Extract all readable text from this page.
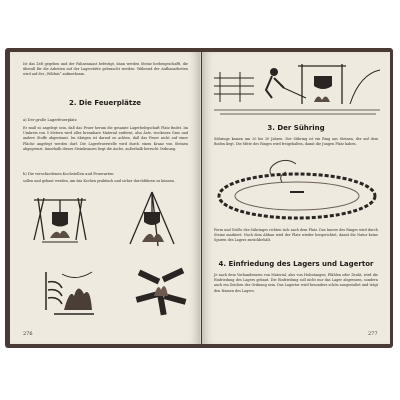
Ist das Zelt gegeben und der Fahnenmast befestigt, dann werden Steine herbeigeschafft, die überall für die Arbeiten auf der Lagerstätte gebraucht werden. Während der Aufbauarbeiten wird auf der „Wildnis“ aufmerksam.
2. Die Feuerplätze
a) Der große Lagerfeuerplatz
Er muß so angelegt sein, daß das Feuer herum die gesamte Lagerbelegschaft Platz findet. Im Umkreis von 5 Metern wird alles brennbare Material entfernt, also Äste, trockenes Gras und andere Stoffe abgeräumt. Im übrigen ist darauf zu achten, daß das Feuer nicht auf einer Fläche angelegt werden darf. Die Lagerfeuerstelle wird durch einen Kranz von Steinen abgegrenzt. Innerhalb dieses Steinkranzes liegt die Asche, außerhalb herrscht Ordnung.
b) Die verschiedenen Kochstellen und Feuerarten
sollen und gebaut werden, um das Kochen praktisch und sicher durchführen zu können.
276
3. Der Sühring
Sühringe kamen um 20 bis 30 Jahren. Der Sühring ist ein Ring aus Steinen, der auf dem Boden liegt. Die Mitte des Ringes wird freigehalten, damit die Jungen Platz haben.
Form und Größe des Sühringes richten sich nach dem Platz. Das Innere des Ringes wird durch Steine markiert. Nach dem Abbau wird der Platz wieder hergerichtet, damit die Natur keine Spuren des Lagers zurückbehält.
4. Einfriedung des Lagers und Lagertor
Je nach dem Vorhandensein von Material, also von Holzstangen, Pfählen oder Draht, wird die Einfriedung des Lagers gebaut. Die Einfriedung soll nicht nur das Lager abgrenzen, sondern auch ein Zeichen der Ordnung sein. Das Lagertor wird besonders schön ausgestaltet und trägt den Namen des Lagers.
277
